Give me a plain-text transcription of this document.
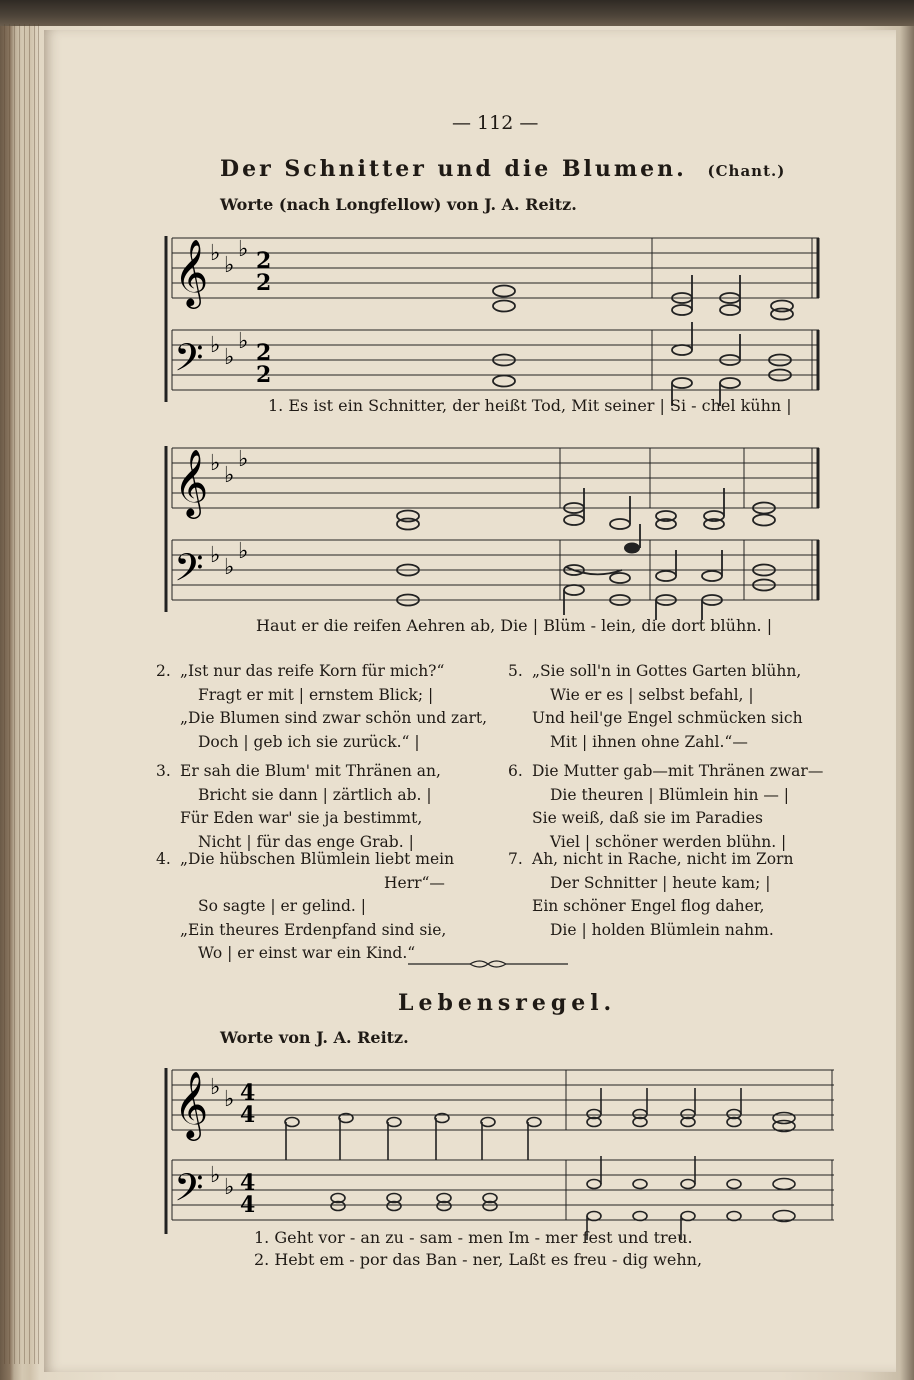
— 112 —
Der Schnitter und die Blumen. (Chant.)
Worte (nach Longfellow) von J. A. Reitz.
𝄞
𝄢
♭ ♭
♭
♭ ♭
♭
2
2
2
2
1. Es ist ein Schnitter, der heißt Tod, Mit seiner | Si - chel kühn |
𝄞
𝄢
♭ ♭
♭
♭ ♭
♭
Haut er die reifen Aehren ab, Die | Blüm - lein, die dort blühn. |
2. „Ist nur das reife Korn für mich?“
Fragt er mit | ernstem Blick; |
„Die Blumen sind zwar schön und zart,
Doch | geb ich sie zurück.“ |
3. Er sah die Blum' mit Thränen an,
Bricht sie dann | zärtlich ab. |
Für Eden war' sie ja bestimmt,
Nicht | für das enge Grab. |
4. „Die hübschen Blümlein liebt mein
Herr“—
So sagte | er gelind. |
„Ein theures Erdenpfand sind sie,
Wo | er einst war ein Kind.“
5. „Sie soll'n in Gottes Garten blühn,
Wie er es | selbst befahl, |
Und heil'ge Engel schmücken sich
Mit | ihnen ohne Zahl.“—
6. Die Mutter gab—mit Thränen zwar—
Die theuren | Blümlein hin — |
Sie weiß, daß sie im Paradies
Viel | schöner werden blühn. |
7. Ah, nicht in Rache, nicht im Zorn
Der Schnitter | heute kam; |
Ein schöner Engel flog daher,
Die | holden Blümlein nahm.
Lebensregel.
Worte von J. A. Reitz.
𝄞
𝄢
♭ ♭
♭ ♭
4
4
4
4
1. Geht vor - an zu - sam - men Im - mer fest und treu.
2. Hebt em - por das Ban - ner, Laßt es freu - dig wehn,
